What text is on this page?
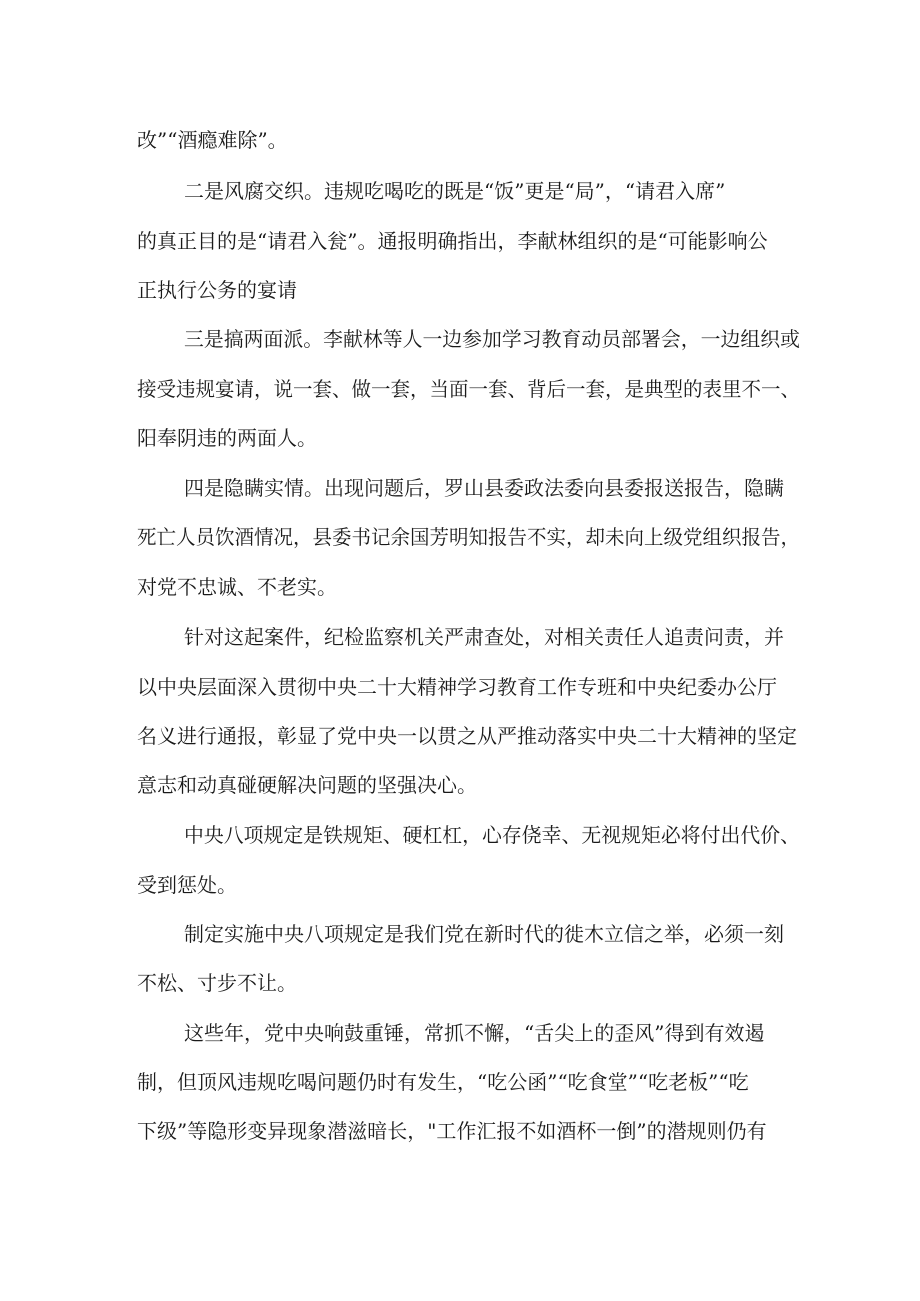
改”“酒瘾难除”。
二是风腐交织。违规吃喝吃的既是“饭”更是“局”，“请君入席”
的真正目的是“请君入瓮”。通报明确指出，李献林组织的是“可能影响公
正执行公务的宴请
三是搞两面派。李献林等人一边参加学习教育动员部署会，一边组织或
接受违规宴请，说一套、做一套，当面一套、背后一套，是典型的表里不一、
阳奉阴违的两面人。
四是隐瞒实情。出现问题后，罗山县委政法委向县委报送报告，隐瞒
死亡人员饮酒情况，县委书记余国芳明知报告不实，却未向上级党组织报告，
对党不忠诚、不老实。
针对这起案件，纪检监察机关严肃查处，对相关责任人追责问责，并
以中央层面深入贯彻中央二十大精神学习教育工作专班和中央纪委办公厅
名义进行通报，彰显了党中央一以贯之从严推动落实中央二十大精神的坚定
意志和动真碰硬解决问题的坚强决心。
中央八项规定是铁规矩、硬杠杠，心存侥幸、无视规矩必将付出代价、
受到惩处。
制定实施中央八项规定是我们党在新时代的徙木立信之举，必须一刻
不松、寸步不让。
这些年，党中央响鼓重锤，常抓不懈，“舌尖上的歪风”得到有效遏
制，但顶风违规吃喝问题仍时有发生，“吃公函”“吃食堂”“吃老板”“吃
下级”等隐形变异现象潜滋暗长，"工作汇报不如酒杯一倒”的潜规则仍有
